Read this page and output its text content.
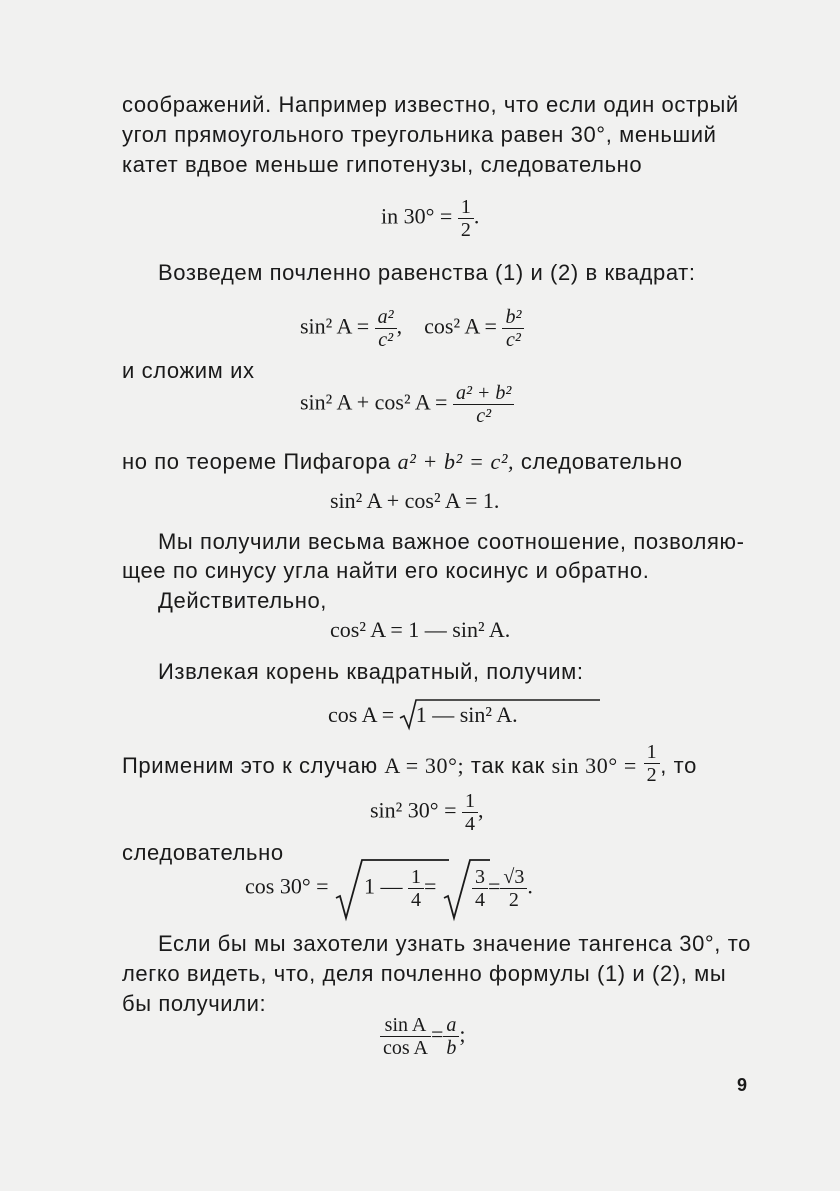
соображений. Например известно, что если один острый
угол прямоугольного треугольника равен 30°, меньший
катет вдвое меньше гипотенузы, следовательно
in $30^\circ = \frac{1}{2}$ .
Возведем почленно равенства (1) и (2) в квадрат:
sin² $A = \frac{\text{a²}}{\text{c²}}$ ,    cos² $A = \frac{\text{b²}}{\text{c²}}$
и сложим их
sin² A + cos² $A = \frac{\text{a² + b²}}{\text{c²}}$
но по теореме Пифагора a² + b² = c², следовательно
sin² A + cos² A = 1.
Мы получили весьма важное соотношение, позволяю-
щее по синусу угла найти его косинус и обратно.
Действительно,
cos² A = 1 — sin² A.
Извлекая корень квадратный, получим:
cos A = 1 — sin² A.
Применим это к случаю A = 30°; так как $\sin 30^\circ = \frac{1}{2}$ , то
sin² $30^\circ = \frac{1}{4}$ ,
следовательно
cos 30° = 1 — $\frac{1}{4} = \frac{3}{4} = \frac{√3}{2}$ .
Если бы мы захотели узнать значение тангенса 30°, то
легко видеть, что, деля почленно формулы (1) и (2), мы
бы получили:
$\frac{\text{sin A}}{\text{cos A}} = \frac{a}{b}$ ;
9
